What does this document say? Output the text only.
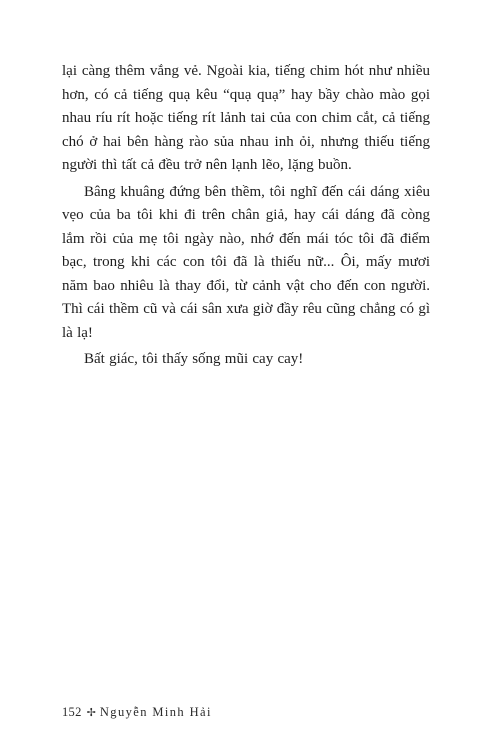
lại càng thêm vắng vẻ. Ngoài kia, tiếng chim hót như nhiều hơn, có cả tiếng quạ kêu “quạ quạ” hay bầy chào mào gọi nhau ríu rít hoặc tiếng rít lảnh tai của con chim cắt, cả tiếng chó ở hai bên hàng rào sủa nhau inh ỏi, nhưng thiếu tiếng người thì tất cả đều trở nên lạnh lẽo, lặng buồn.

Bâng khuâng đứng bên thềm, tôi nghĩ đến cái dáng xiêu vẹo của ba tôi khi đi trên chân giả, hay cái dáng đã còng lắm rồi của mẹ tôi ngày nào, nhớ đến mái tóc tôi đã điểm bạc, trong khi các con tôi đã là thiếu nữ... Ôi, mấy mươi năm bao nhiêu là thay đổi, từ cảnh vật cho đến con người. Thì cái thềm cũ và cái sân xưa giờ đầy rêu cũng chẳng có gì là lạ!

Bất giác, tôi thấy sống mũi cay cay!

152 ✢ Nguyễn Minh Hải
